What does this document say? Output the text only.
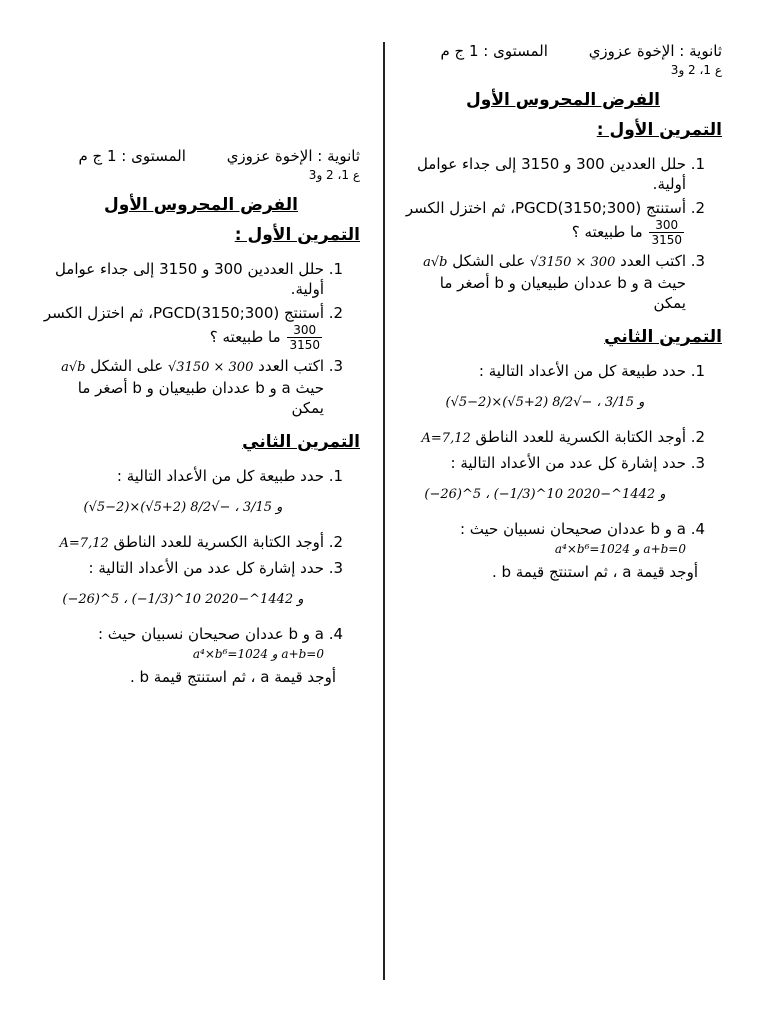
ثانوية : الإخوة عزوزي المستوى : 1 ج م
ع 1، 2 و3
الفرض المحروس الأول
التمرين الأول :
1. حلل العددين 300 و 3150 إلى جداء عوامل أولية.
2. أستنتج PGCD(3150;300)، ثم اختزل الكسر
$\frac{300}{3150}$
ما طبيعته ؟
3. اكتب العدد √3150 × 300 على الشكل a√b حيث a و b عددان طبيعيان و b أصغر ما يمكن
التمرين الثاني
1. حدد طبيعة كل من الأعداد التالية :
(√5−2)×(√5+2) و 3/15 ، −√8/2
2. أوجد الكتابة الكسرية للعدد الناطق A=7,12
3. حدد إشارة كل عدد من الأعداد التالية :
(−26)^5 ، (−1/3)^10 و 1442^−2020
4. a و b عددان صحيحان نسبيان حيث :
a⁴×b⁶=1024 و a+b=0
أوجد قيمة a ، ثم استنتج قيمة b .
ثانوية : الإخوة عزوزي المستوى : 1 ج م
ع 1، 2 و3
الفرض المحروس الأول
التمرين الأول :
1. حلل العددين 300 و 3150 إلى جداء عوامل أولية.
2. أستنتج PGCD(3150;300)، ثم اختزل الكسر
$\frac{300}{3150}$
ما طبيعته ؟
3. اكتب العدد √3150 × 300 على الشكل a√b حيث a و b عددان طبيعيان و b أصغر ما يمكن
التمرين الثاني
1. حدد طبيعة كل من الأعداد التالية :
(√5−2)×(√5+2) و 3/15 ، −√8/2
2. أوجد الكتابة الكسرية للعدد الناطق A=7,12
3. حدد إشارة كل عدد من الأعداد التالية :
(−26)^5 ، (−1/3)^10 و 1442^−2020
4. a و b عددان صحيحان نسبيان حيث :
a⁴×b⁶=1024 و a+b=0
أوجد قيمة a ، ثم استنتج قيمة b .
